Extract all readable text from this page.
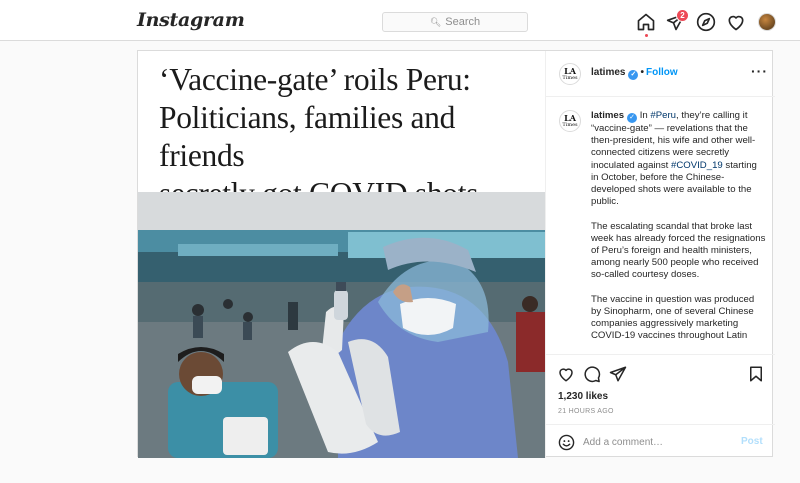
Instagram	🔍︎ Search
2
‘Vaccine-gate’ roils Peru:
Politicians, families and friends
LA
Times latimes ✓ • Follow	···
LA
Times

latimes ✓ In #Peru, they’re calling it “vaccine-gate” — revelations that the then-president, his wife and other well-connected citizens were secretly inoculated against #COVID_19 starting in October, before the Chinese-developed shots were available to the public.

The escalating scandal that broke last week has already forced the resignations of Peru’s foreign and health ministers, among nearly 500 people who received so-called courtesy doses.

The vaccine in question was produced by Sinopharm, one of several Chinese companies aggressively marketing COVID-19 vaccines throughout Latin

1,230 likes
21 HOURS AGO
Add a comment…
Post
